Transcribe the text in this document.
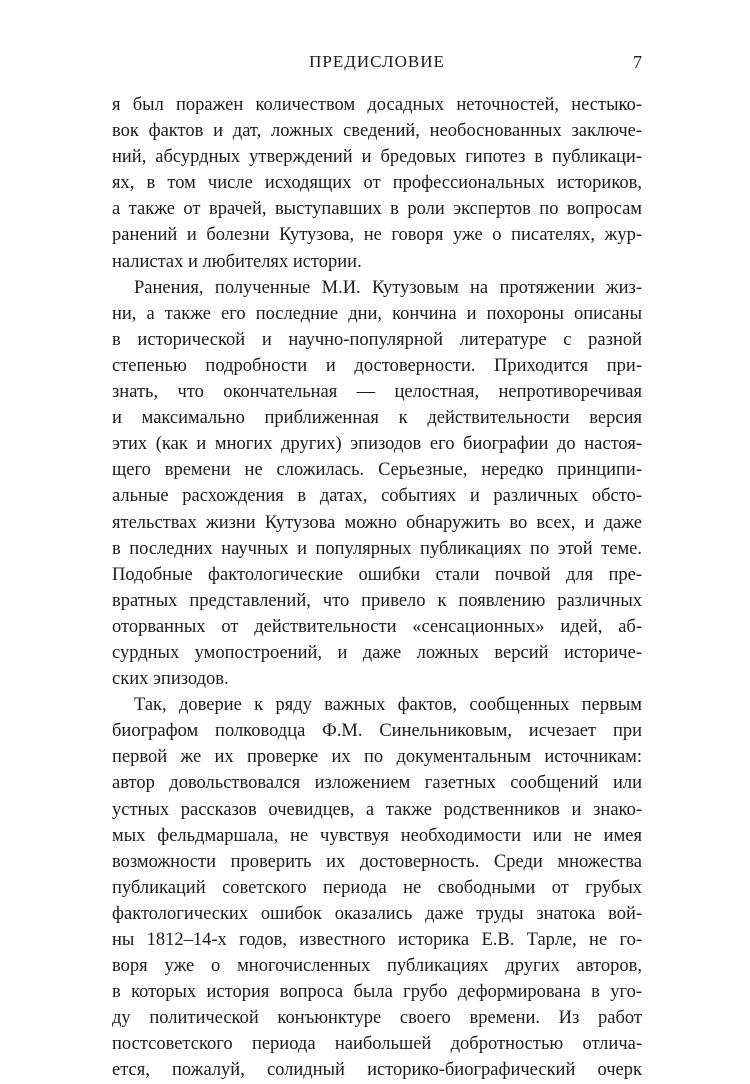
ПРЕДИСЛОВИЕ	7
я был поражен количеством досадных неточностей, нестыко-
вок фактов и дат, ложных сведений, необоснованных заключе-
ний, абсурдных утверждений и бредовых гипотез в публикаци-
ях, в том числе исходящих от профессиональных историков,
а также от врачей, выступавших в роли экспертов по вопросам
ранений и болезни Кутузова, не говоря уже о писателях, жур-
налистах и любителях истории.
Ранения, полученные М.И. Кутузовым на протяжении жиз-
ни, а также его последние дни, кончина и похороны описаны
в исторической и научно-популярной литературе с разной
степенью подробности и достоверности. Приходится при-
знать, что окончательная — целостная, непротиворечивая
и максимально приближенная к действительности версия
этих (как и многих других) эпизодов его биографии до настоя-
щего времени не сложилась. Серьезные, нередко принципи-
альные расхождения в датах, событиях и различных обсто-
ятельствах жизни Кутузова можно обнаружить во всех, и даже
в последних научных и популярных публикациях по этой теме.
Подобные фактологические ошибки стали почвой для пре-
вратных представлений, что привело к появлению различных
оторванных от действительности «сенсационных» идей, аб-
сурдных умопостроений, и даже ложных версий историче-
ских эпизодов.
Так, доверие к ряду важных фактов, сообщенных первым
биографом полководца Ф.М. Синельниковым, исчезает при
первой же их проверке их по документальным источникам:
автор довольствовался изложением газетных сообщений или
устных рассказов очевидцев, а также родственников и знако-
мых фельдмаршала, не чувствуя необходимости или не имея
возможности проверить их достоверность. Среди множества
публикаций советского периода не свободными от грубых
фактологических ошибок оказались даже труды знатока вой-
ны 1812–14-х годов, известного историка Е.В. Тарле, не го-
воря уже о многочисленных публикациях других авторов,
в которых история вопроса была грубо деформирована в уго-
ду политической конъюнктуре своего времени. Из работ
постсоветского периода наибольшей добротностью отлича-
ется, пожалуй, солидный историко-биографический очерк
